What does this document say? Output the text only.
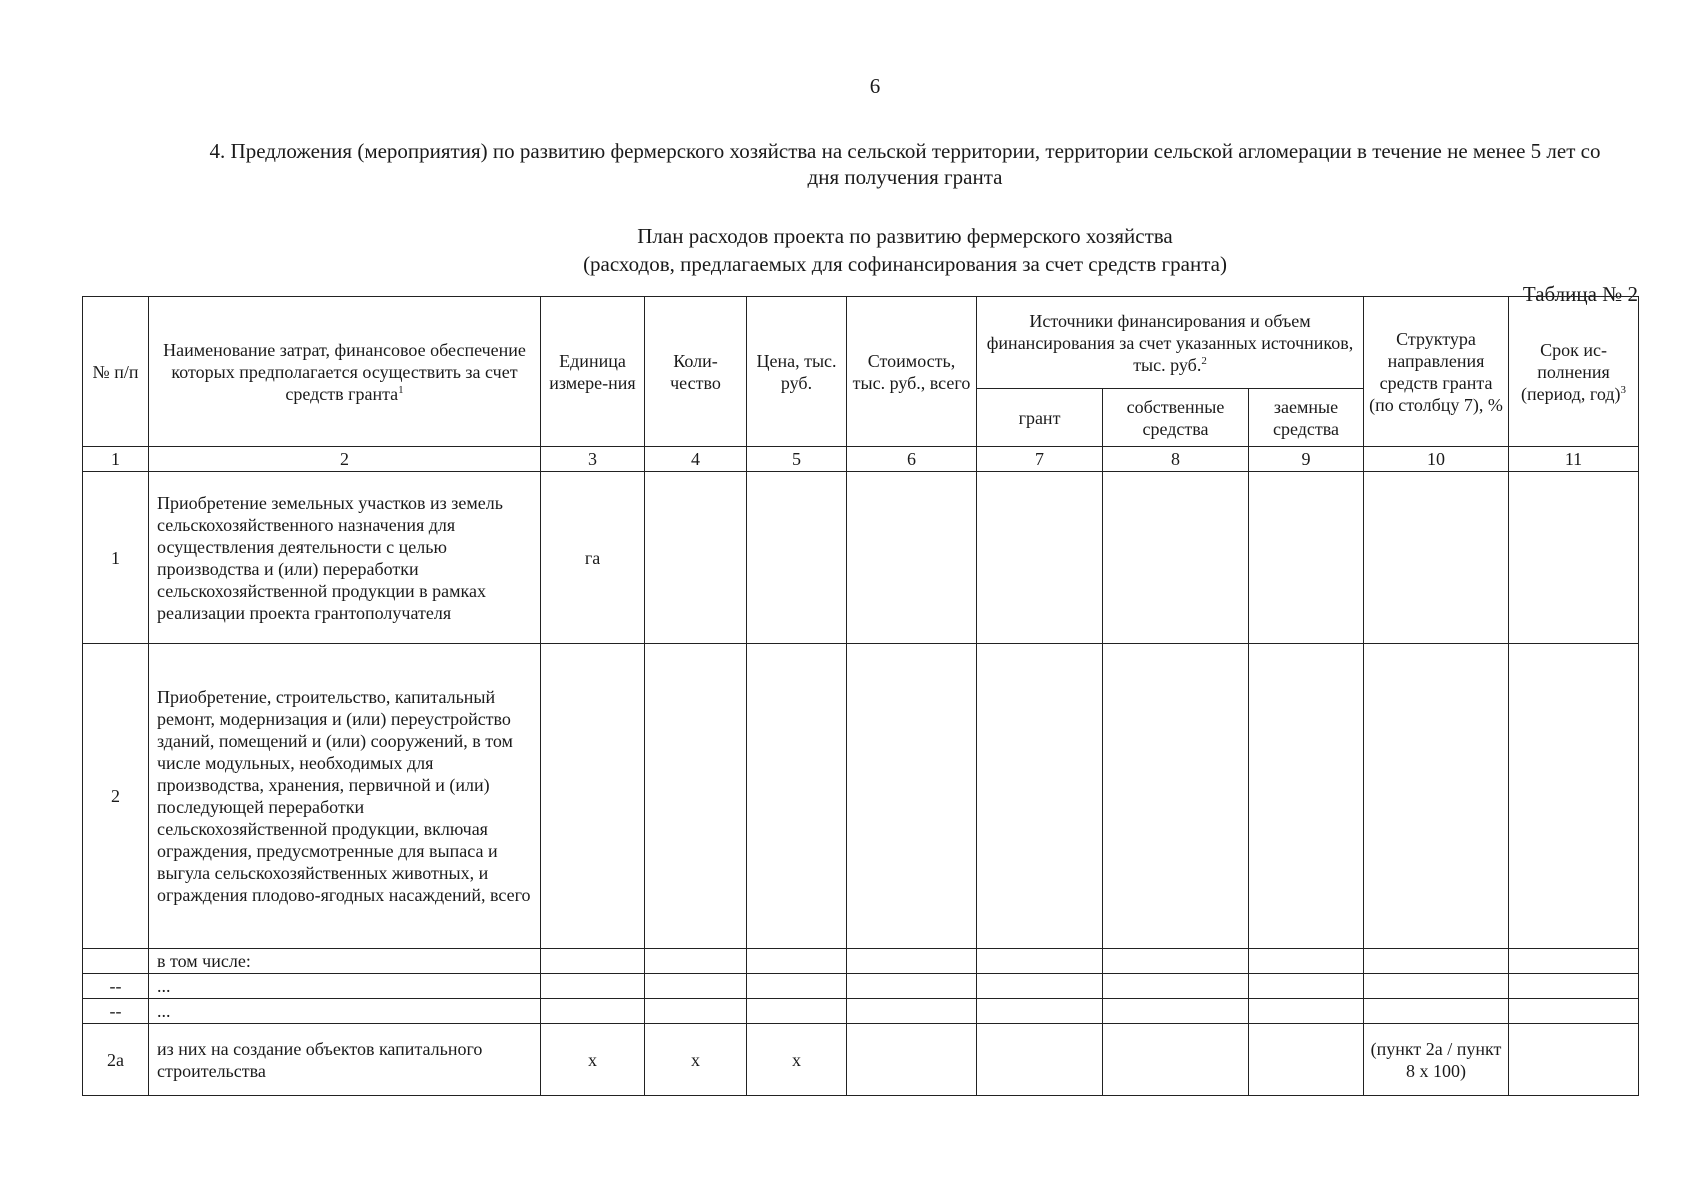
6
4. Предложения (мероприятия) по развитию фермерского хозяйства на сельской территории, территории сельской агломерации в течение не менее 5 лет со дня получения гранта
План расходов проекта по развитию фермерского хозяйства
(расходов, предлагаемых для софинансирования за счет средств гранта)
Таблица № 2
№ п/п	Наименование затрат, финансовое обеспечение которых предполагается осуществить за счет средств гранта$^1$	Единица измере-ния	Коли-чество	Цена, тыс. руб.	Стоимость, тыс. руб., всего	Источники финансирования и объем финансирования за счет указанных источников, тыс. руб.$^2$			Структура направления средств гранта (по столбцу 7), %	Срок ис-полнения (период, год)$^3$
						грант	собственные средства	заемные средства		
1	2	3	4	5	6	7	8	9	10	11
1	Приобретение земельных участков из земель сельскохозяйственного назначения для осуществления деятельности с целью производства и (или) переработки сельскохозяйственной продукции в рамках реализации проекта грантополучателя	га								
2	Приобретение, строительство, капитальный ремонт, модернизация и (или) переустройство зданий, помещений и (или) сооружений, в том числе модульных, необходимых для производства, хранения, первичной и (или) последующей переработки сельскохозяйственной продукции, включая ограждения, предусмотренные для выпаса и выгула сельскохозяйственных животных, и ограждения плодово-ягодных насаждений, всего									
	в том числе:									
--	...									
--	...									
2а	из них на создание объектов капитального строительства	х	х	х					(пункт 2а / пункт 8 х 100)	
